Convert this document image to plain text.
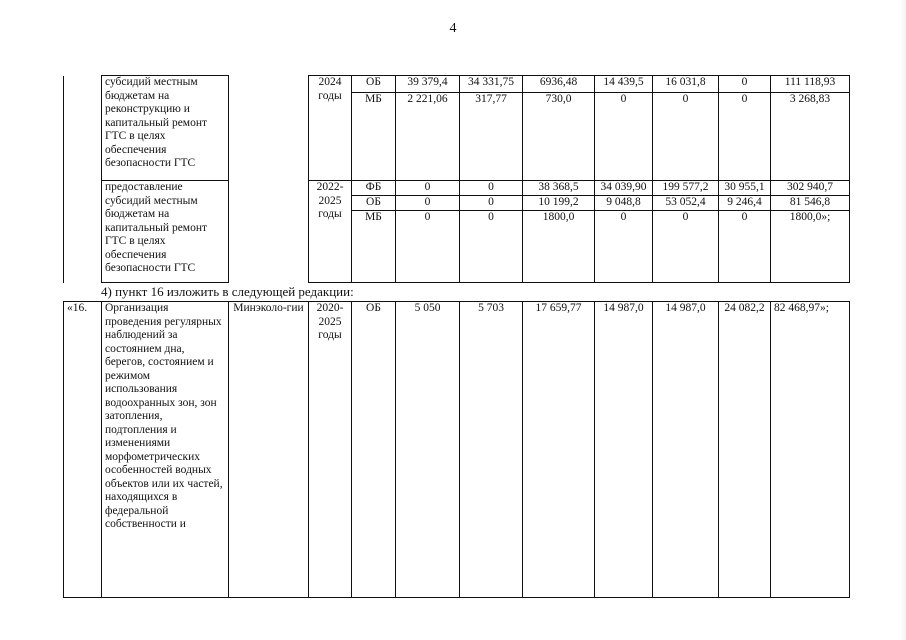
4
	субсидий местным бюджетам на реконструкцию и капитальный ремонт ГТС в целях обеспечения безопасности ГТС		2024 годы	ОБ	39 379,4	34 331,75	6936,48	14 439,5	16 031,8	0	111 118,93
				МБ	2 221,06	317,77	730,0	0	0	0	3 268,83
	предоставление субсидий местным бюджетам на капитальный ремонт ГТС в целях обеспечения безопасности ГТС		2022-2025 годы	ФБ	0	0	38 368,5	34 039,90	199 577,2	30 955,1	302 940,7
				ОБ	0	0	10 199,2	9 048,8	53 052,4	9 246,4	81 546,8
				МБ	0	0	1800,0	0	0	0	1800,0»;
4) пункт 16 изложить в следующей редакции:
«16.	Организация проведения регулярных наблюдений за состоянием дна, берегов, состоянием и режимом использования водоохранных зон, зон затопления, подтопления и изменениями морфометрических особенностей водных объектов или их частей, находящихся в федеральной собственности и	Минэколо-гии	2020-2025 годы	ОБ	5 050	5 703	17 659,77	14 987,0	14 987,0	24 082,2	82 468,97»;
